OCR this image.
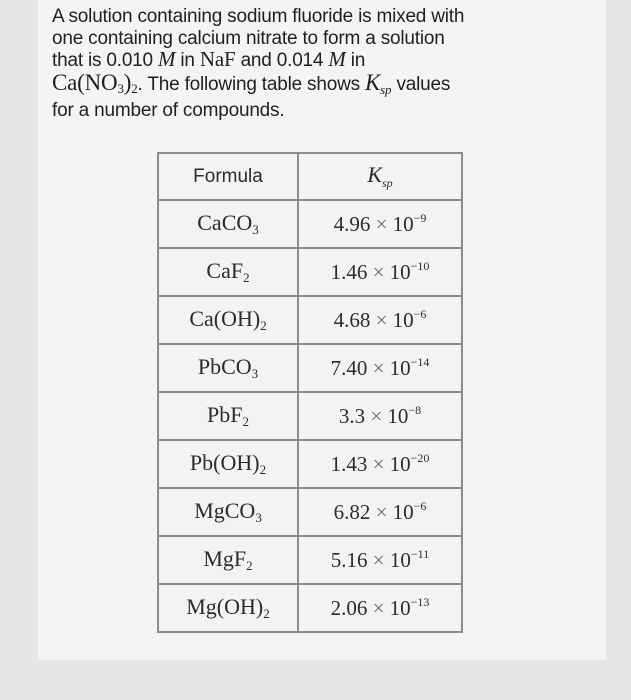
A solution containing sodium fluoride is mixed with
one containing calcium nitrate to form a solution
that is 0.010 M in NaF and 0.014 M in
$Ca(NO_3)_2$. The following table shows Ksp values
for a number of compounds.
Formula	$K_{sp}$
CaCO3	$4.96 \times 10^{-9}$
CaF2	$1.46 \times 10^{-10}$
Ca(OH)2	$4.68 \times 10^{-6}$
PbCO3	$7.40 \times 10^{-14}$
PbF2	$3.3 \times 10^{-8}$
Pb(OH)2	$1.43 \times 10^{-20}$
MgCO3	$6.82 \times 10^{-6}$
MgF2	$5.16 \times 10^{-11}$
Mg(OH)2	$2.06 \times 10^{-13}$
